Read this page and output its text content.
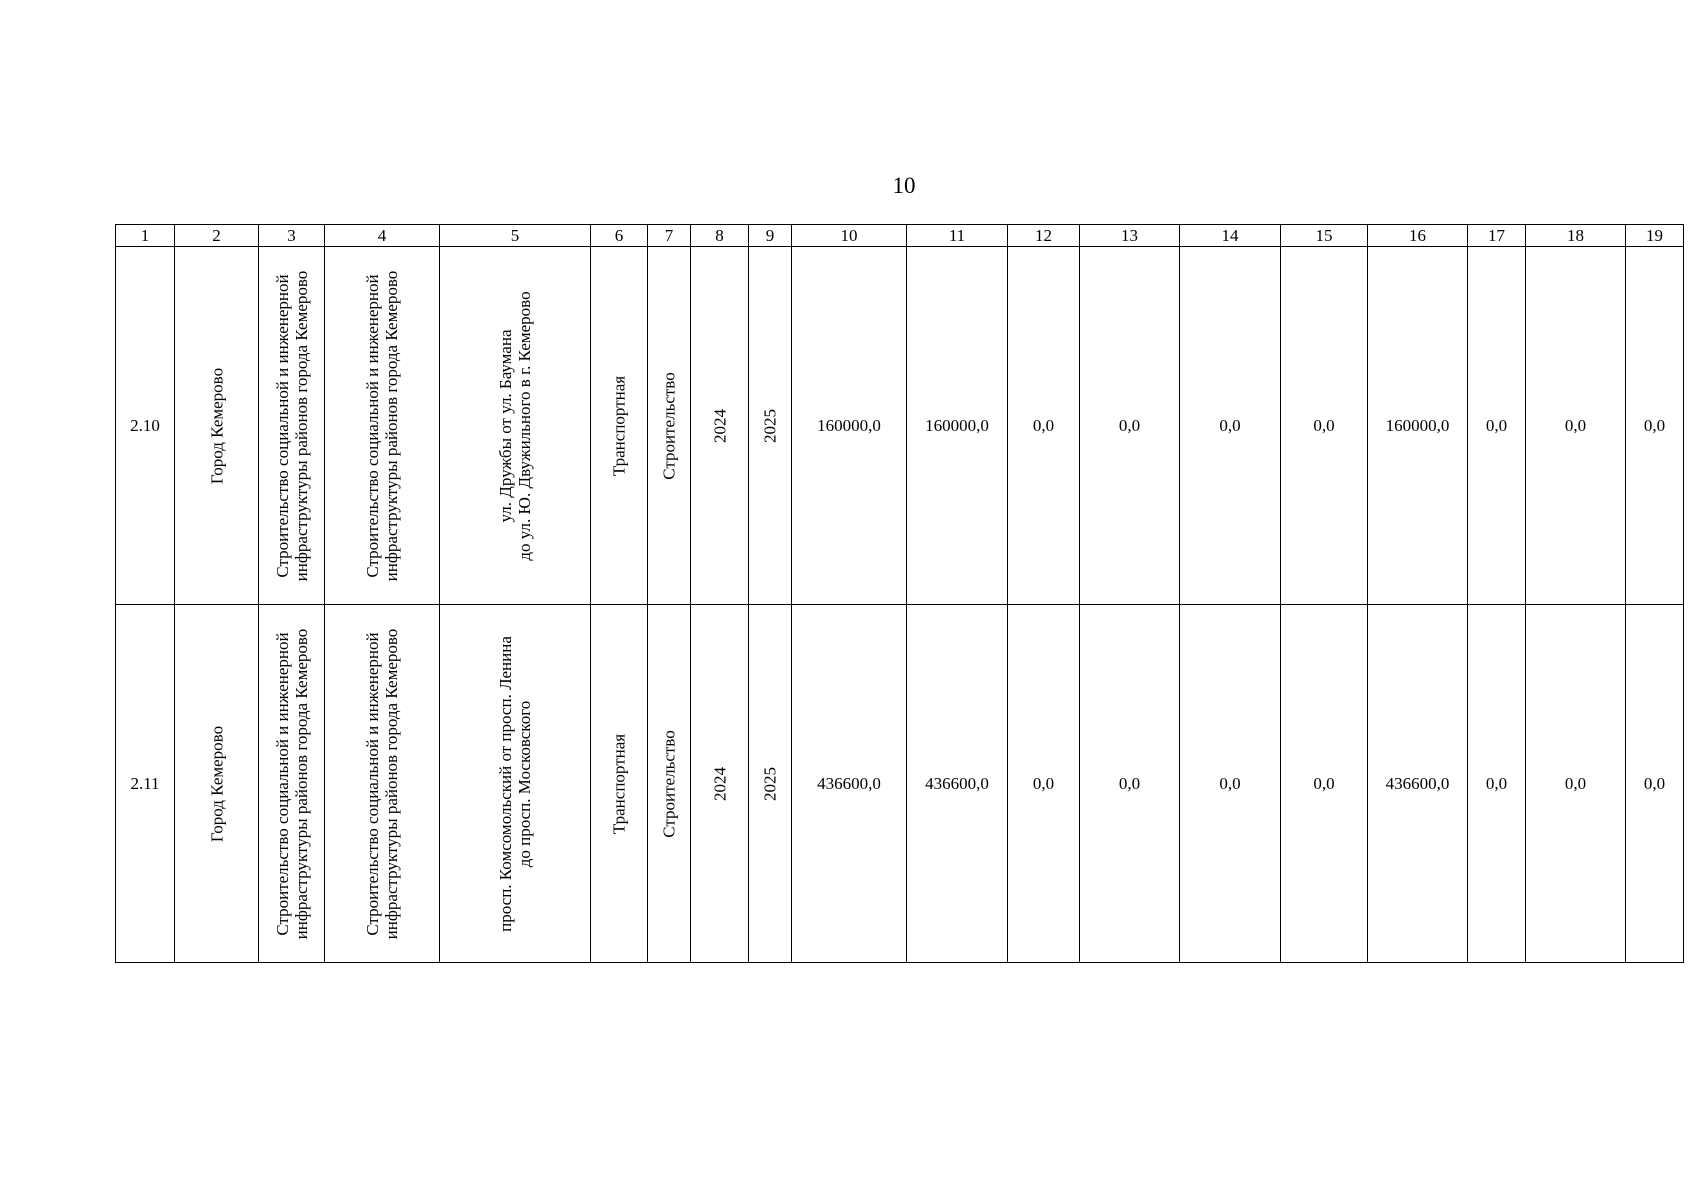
10
1	2	3	4	5	6	7	8	9	10	11	12	13	14	15	16	17	18	19
2.10	Город Кемерово	Строительство социальной и инженерной инфраструктуры районов города Кемерово	Строительство социальной и инженерной инфраструктуры районов города Кемерово	ул. Дружбы от ул. Баумана до ул. Ю. Двужильного в г. Кемерово	Транспортная	Строительство	2024	2025	160000,0	160000,0	0,0	0,0	0,0	0,0	160000,0	0,0	0,0	0,0
2.11	Город Кемерово	Строительство социальной и инженерной инфраструктуры районов города Кемерово	Строительство социальной и инженерной инфраструктуры районов города Кемерово	просп. Комсомольский от просп. Ленина до просп. Московского	Транспортная	Строительство	2024	2025	436600,0	436600,0	0,0	0,0	0,0	0,0	436600,0	0,0	0,0	0,0
